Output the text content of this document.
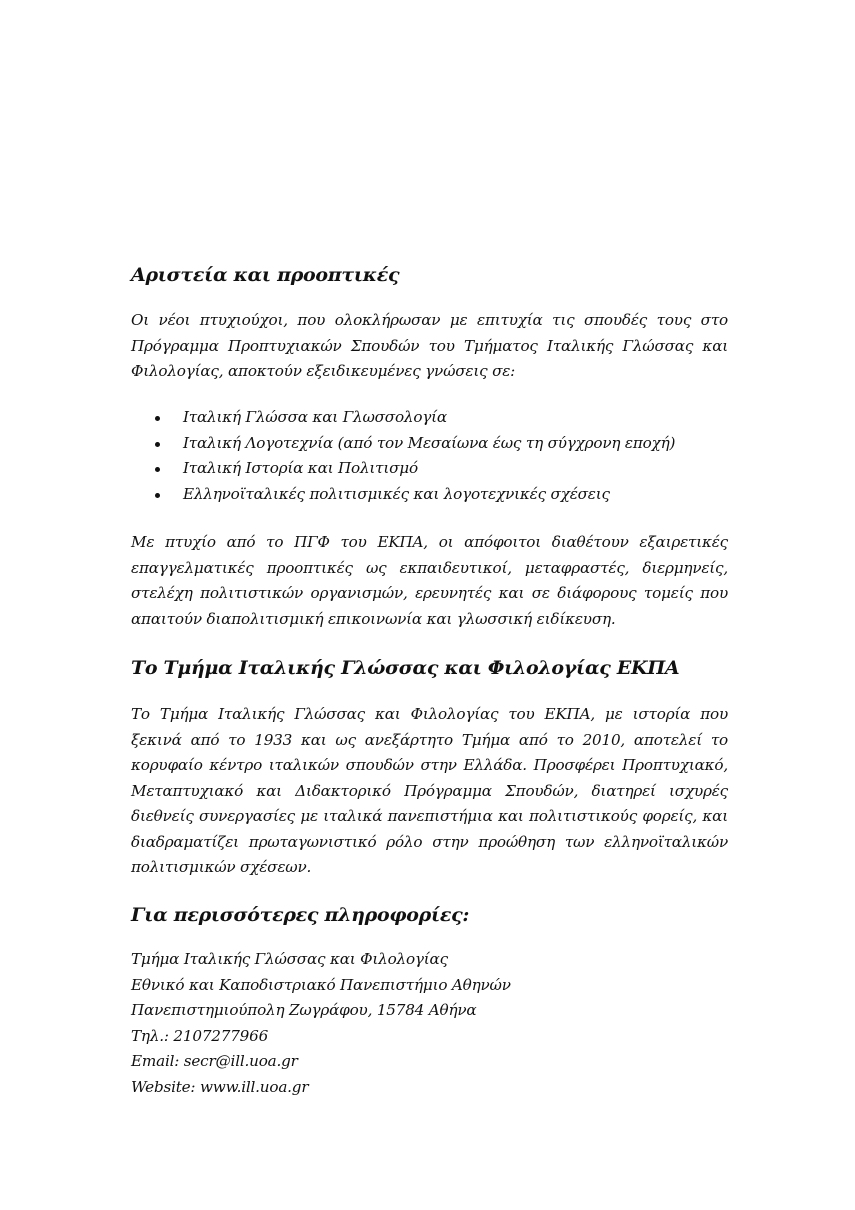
Αριστεία και προοπτικές

Οι νέοι πτυχιούχοι, που ολοκλήρωσαν με επιτυχία τις σπουδές τους στο Πρόγραμμα Προπτυχιακών Σπουδών του Τμήματος Ιταλικής Γλώσσας και Φιλολογίας, αποκτούν εξειδικευμένες γνώσεις σε:

Ιταλική Γλώσσα και Γλωσσολογία
Ιταλική Λογοτεχνία (από τον Μεσαίωνα έως τη σύγχρονη εποχή)
Ιταλική Ιστορία και Πολιτισμό
Ελληνοϊταλικές πολιτισμικές και λογοτεχνικές σχέσεις

Με πτυχίο από το ΠΓΦ του ΕΚΠΑ, οι απόφοιτοι διαθέτουν εξαιρετικές επαγγελματικές προοπτικές ως εκπαιδευτικοί, μεταφραστές, διερμηνείς, στελέχη πολιτιστικών οργανισμών, ερευνητές και σε διάφορους τομείς που απαιτούν διαπολιτισμική επικοινωνία και γλωσσική ειδίκευση.

Το Τμήμα Ιταλικής Γλώσσας και Φιλολογίας ΕΚΠΑ

Το Τμήμα Ιταλικής Γλώσσας και Φιλολογίας του ΕΚΠΑ, με ιστορία που ξεκινά από το 1933 και ως ανεξάρτητο Τμήμα από το 2010, αποτελεί το κορυφαίο κέντρο ιταλικών σπουδών στην Ελλάδα. Προσφέρει Προπτυχιακό, Μεταπτυχιακό και Διδακτορικό Πρόγραμμα Σπουδών, διατηρεί ισχυρές διεθνείς συνεργασίες με ιταλικά πανεπιστήμια και πολιτιστικούς φορείς, και διαδραματίζει πρωταγωνιστικό ρόλο στην προώθηση των ελληνοϊταλικών πολιτισμικών σχέσεων.

Για περισσότερες πληροφορίες:

Τμήμα Ιταλικής Γλώσσας και Φιλολογίας

Εθνικό και Καποδιστριακό Πανεπιστήμιο Αθηνών

Πανεπιστημιούπολη Ζωγράφου, 15784 Αθήνα

Τηλ.: 2107277966

Email: secr@ill.uoa.gr

Website: www.ill.uoa.gr
